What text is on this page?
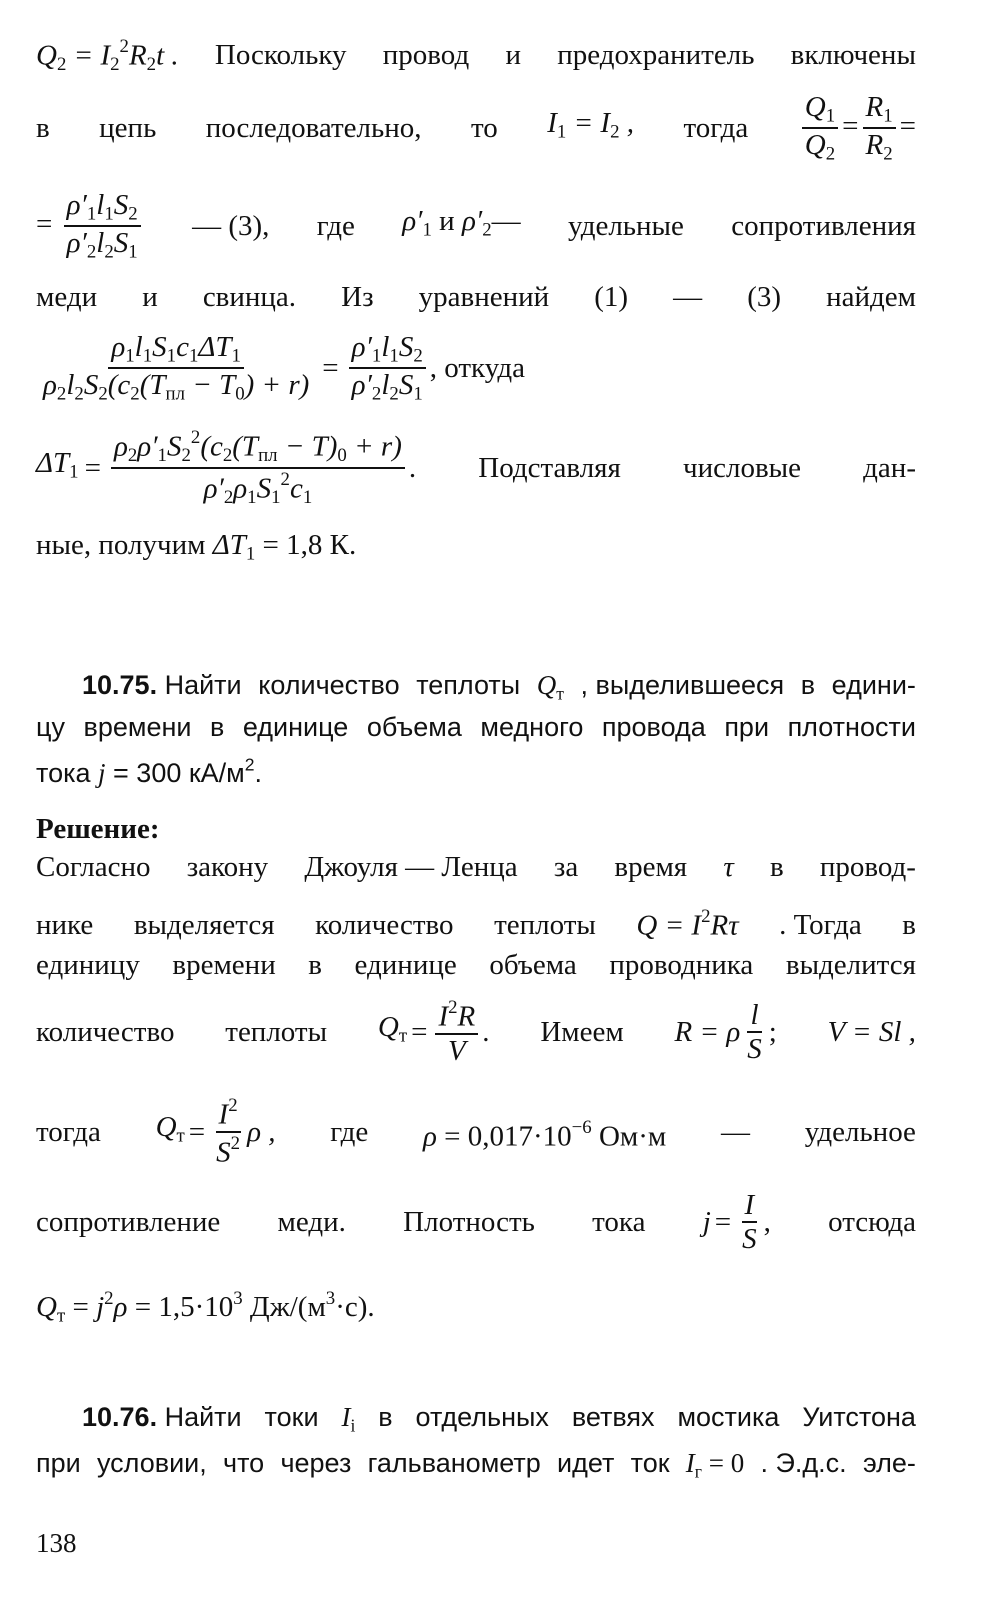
$Q_2 = I_2^2R_2t$ . Поскольку провод и предохранитель включены
в цепь последовательно, то $I_1 = I_2$ , тогда $\frac{Q_1}{Q_2} = \frac{R_1}{R_2}$ =
= $\frac{\rho'_1l_1S_2}{\rho'_2l_2S_1}$ — (3), где $\rho'_1$ и $\rho'_2—$ удельные сопротивления
меди и свинца. Из уравнений (1) — (3) найдем
$\frac{\rho_1l_1S_1c_1\Delta T_1}{\rho_2l_2S_2(c_2(T_{пл} - T_0) + r)} = \frac{\rho'_1l_1S_2}{\rho'_2l_2S_1}$ , откуда
$\Delta T_1 = \frac{\rho_2\rho'_1S_2^2(c_2(T_{пл} - T)_0 + r)}{\rho'_2\rho_1S_1^2c_1}$ . Подставляя числовые дан-
ные, получим $\Delta T_1 = 1,8$ К.
10.75. Найти количество теплоты $Q_т$ , выделившееся в едини-
цу времени в единице объема медного провода при плотности
тока j = 300 $кА/м^2$.
Решение:
Согласно закону Джоуля — Ленца за время τ в провод-
нике выделяется количество теплоты $Q = I^2R\tau$ . Тогда в
единицу времени в единице объема проводника выделится
количество теплоты $Q_т = \frac{I^2R}{V}$ . Имеем R = ρ $\frac{l}{S}$ ; V = Sl ,
тогда $Q_т = \frac{I^2}{S^2}$ ρ , где $\rho = 0,017\cdot 10^{-6}$ Ом·м — удельное
сопротивление меди. Плотность тока $j = \frac{I}{S}$ , отсюда
$Q_т = j^2\rho = 1,5\cdot 10^3$ $Дж/(м^3\cdot с)$.
10.76. Найти токи $I_i$ в отдельных ветвях мостика Уитстона
при условии, что через гальванометр идет ток $I_г = 0$ . Э.д.с. эле-
138
